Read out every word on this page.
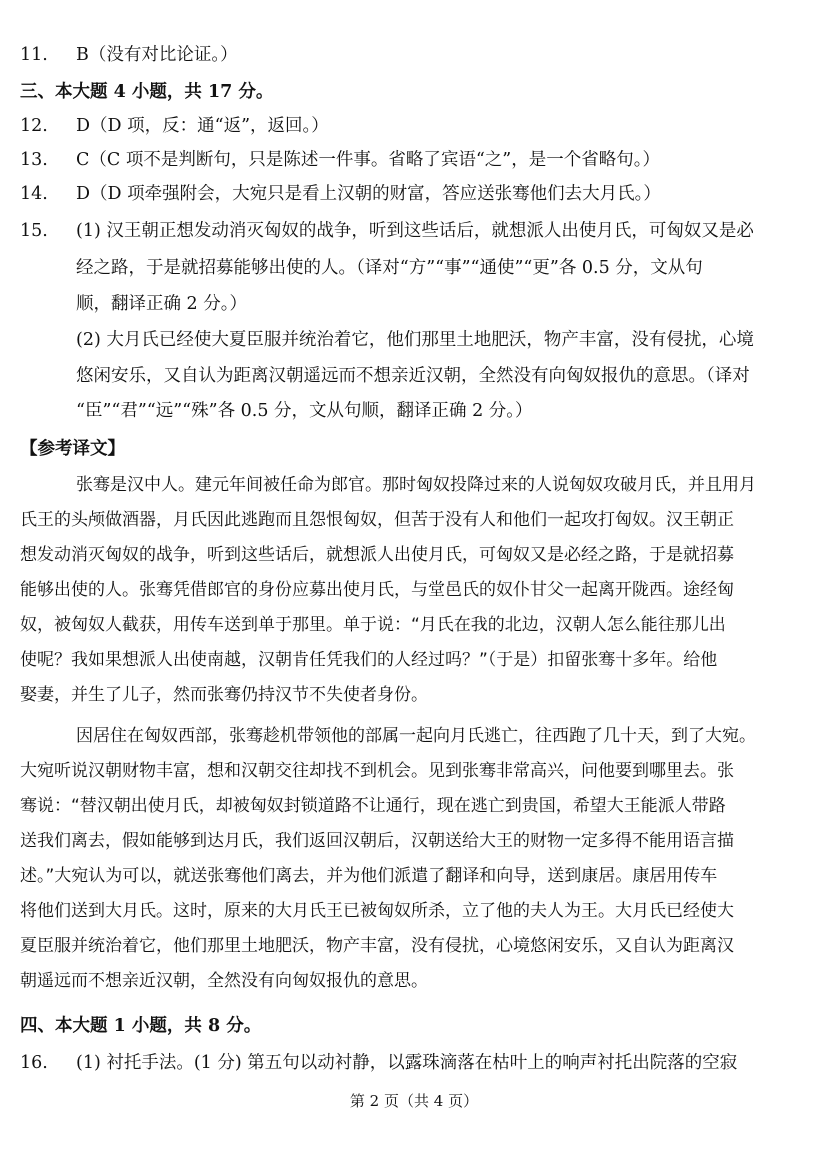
11. B（没有对比论证。）
三、本大题 4 小题，共 17 分。
12. D（D 项，反：通“返”，返回。）
13. C（C 项不是判断句，只是陈述一件事。省略了宾语“之”，是一个省略句。）
14. D（D 项牵强附会，大宛只是看上汉朝的财富，答应送张骞他们去大月氏。）
15. (1) 汉王朝正想发动消灭匈奴的战争，听到这些话后，就想派人出使月氏，可匈奴又是必
经之路，于是就招募能够出使的人。（译对“方”“事”“通使”“更”各 0.5 分，文从句
顺，翻译正确 2 分。）
(2) 大月氏已经使大夏臣服并统治着它，他们那里土地肥沃，物产丰富，没有侵扰，心境
悠闲安乐，又自认为距离汉朝遥远而不想亲近汉朝，全然没有向匈奴报仇的意思。（译对
“臣”“君”“远”“殊”各 0.5 分，文从句顺，翻译正确 2 分。）
【参考译文】
张骞是汉中人。建元年间被任命为郎官。那时匈奴投降过来的人说匈奴攻破月氏，并且用月
氏王的头颅做酒器，月氏因此逃跑而且怨恨匈奴，但苦于没有人和他们一起攻打匈奴。汉王朝正
想发动消灭匈奴的战争，听到这些话后，就想派人出使月氏，可匈奴又是必经之路，于是就招募
能够出使的人。张骞凭借郎官的身份应募出使月氏，与堂邑氏的奴仆甘父一起离开陇西。途经匈
奴，被匈奴人截获，用传车送到单于那里。单于说：“月氏在我的北边，汉朝人怎么能往那儿出
使呢？我如果想派人出使南越，汉朝肯任凭我们的人经过吗？”（于是）扣留张骞十多年。给他
娶妻，并生了儿子，然而张骞仍持汉节不失使者身份。
因居住在匈奴西部，张骞趁机带领他的部属一起向月氏逃亡，往西跑了几十天，到了大宛。
大宛听说汉朝财物丰富，想和汉朝交往却找不到机会。见到张骞非常高兴，问他要到哪里去。张
骞说：“替汉朝出使月氏，却被匈奴封锁道路不让通行，现在逃亡到贵国，希望大王能派人带路
送我们离去，假如能够到达月氏，我们返回汉朝后，汉朝送给大王的财物一定多得不能用语言描
述。”大宛认为可以，就送张骞他们离去，并为他们派遣了翻译和向导，送到康居。康居用传车
将他们送到大月氏。这时，原来的大月氏王已被匈奴所杀，立了他的夫人为王。大月氏已经使大
夏臣服并统治着它，他们那里土地肥沃，物产丰富，没有侵扰，心境悠闲安乐，又自认为距离汉
朝遥远而不想亲近汉朝，全然没有向匈奴报仇的意思。
四、本大题 1 小题，共 8 分。
16. (1) 衬托手法。(1 分) 第五句以动衬静，以露珠滴落在枯叶上的响声衬托出院落的空寂
第 2 页（共 4 页）
